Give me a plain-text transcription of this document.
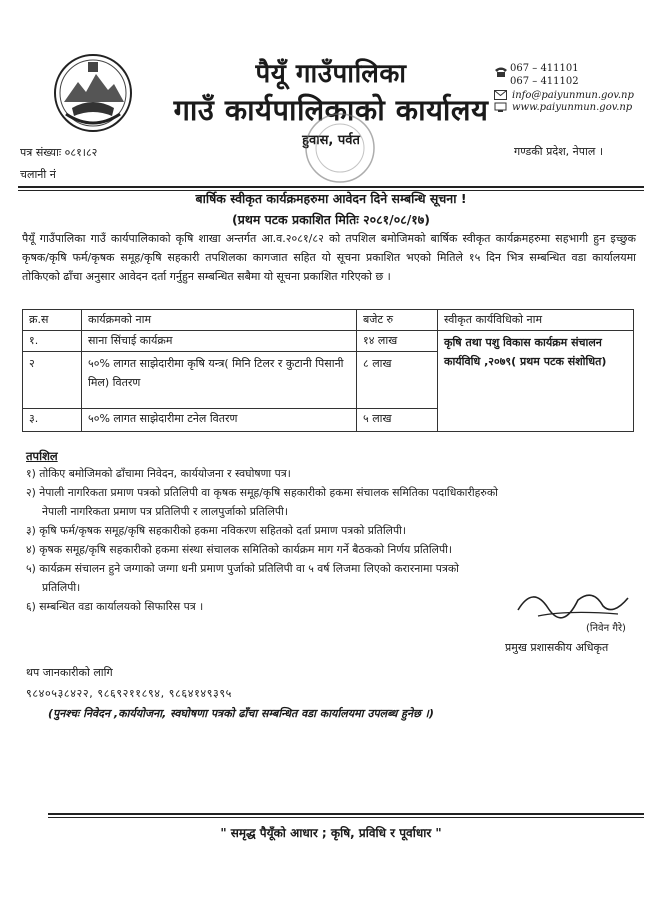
पैयूँ गाउँपालिका
गाउँ कार्यपालिकाको कार्यालय
हुवास, पर्वत
067 – 411101
067 – 411102
info@paiyunmun.gov.np
www.paiyunmun.gov.np
पत्र संख्याः ०८१।८२
चलानी नं
गण्डकी प्रदेश, नेपाल ।
बार्षिक स्वीकृत कार्यक्रमहरुमा आवेदन दिने सम्बन्धि सूचना !
(प्रथम पटक प्रकाशित मितिः २०८१/०८/१७)
पैयूँ गाउँपालिका गाउँ कार्यपालिकाको कृषि शाखा अन्तर्गत आ.व.२०८१/८२ को तपशिल बमोजिमको बार्षिक स्वीकृत कार्यक्रमहरुमा सहभागी हुन इच्छुक कृषक/कृषि फर्म/कृषक समूह/कृषि सहकारी तपशिलका कागजात सहित यो सूचना प्रकाशित भएको मितिले १५ दिन भित्र सम्बन्धित वडा कार्यालयमा तोकिएको ढाँचा अनुसार आवेदन दर्ता गर्नुहुन सम्बन्धित सबैमा यो सूचना प्रकाशित गरिएको छ ।
क्र.स	कार्यक्रमको नाम	बजेट रु	स्वीकृत कार्यविधिको नाम
१.	साना सिंचाई कार्यक्रम	१४ लाख	कृषि तथा पशु विकास कार्यक्रम संचालन कार्यविधि ,२०७९( प्रथम पटक संशोधित)
२	५०% लागत साझेदारीमा कृषि यन्त्र( मिनि टिलर र कुटानी पिसानी मिल) वितरण	८ लाख	
३.	५०% लागत साझेदारीमा टनेल वितरण	५ लाख	
तपशिल
१) तोकिए बमोजिमको ढाँचामा निवेदन, कार्ययोजना र स्वघोषणा पत्र।
२) नेपाली नागरिकता प्रमाण पत्रको प्रतिलिपी वा कृषक समूह/कृषि सहकारीको हकमा संचालक समितिका पदाधिकारीहरुको
नेपाली नागरिकता प्रमाण पत्र प्रतिलिपी र लालपुर्जाको प्रतिलिपी।
३) कृषि फर्म/कृषक समूह/कृषि सहकारीको हकमा नविकरण सहितको दर्ता प्रमाण पत्रको प्रतिलिपी।
४) कृषक समूह/कृषि सहकारीको हकमा संस्था संचालक समितिको कार्यक्रम माग गर्ने बैठकको निर्णय प्रतिलिपी।
५) कार्यक्रम संचालन हुने जग्गाको जग्गा धनी प्रमाण पुर्जाको प्रतिलिपी वा ५ वर्ष लिजमा लिएको करारनामा पत्रको
प्रतिलिपी।
६) सम्बन्धित वडा कार्यालयको सिफारिस पत्र ।
(निवेन गैरे)
प्रमुख प्रशासकीय अधिकृत
थप जानकारीको लागि
९८४०५३८४२२, ९८६९२११८९४, ९८६४१४९३९५
(पुनश्चः निवेदन ,कार्ययोजना, स्वघोषणा पत्रको ढाँचा सम्बन्धित वडा कार्यालयमा उपलब्ध हुनेछ ।)
" समृद्ध पैयूँको आधार ; कृषि, प्रविधि र पूर्वाधार "
